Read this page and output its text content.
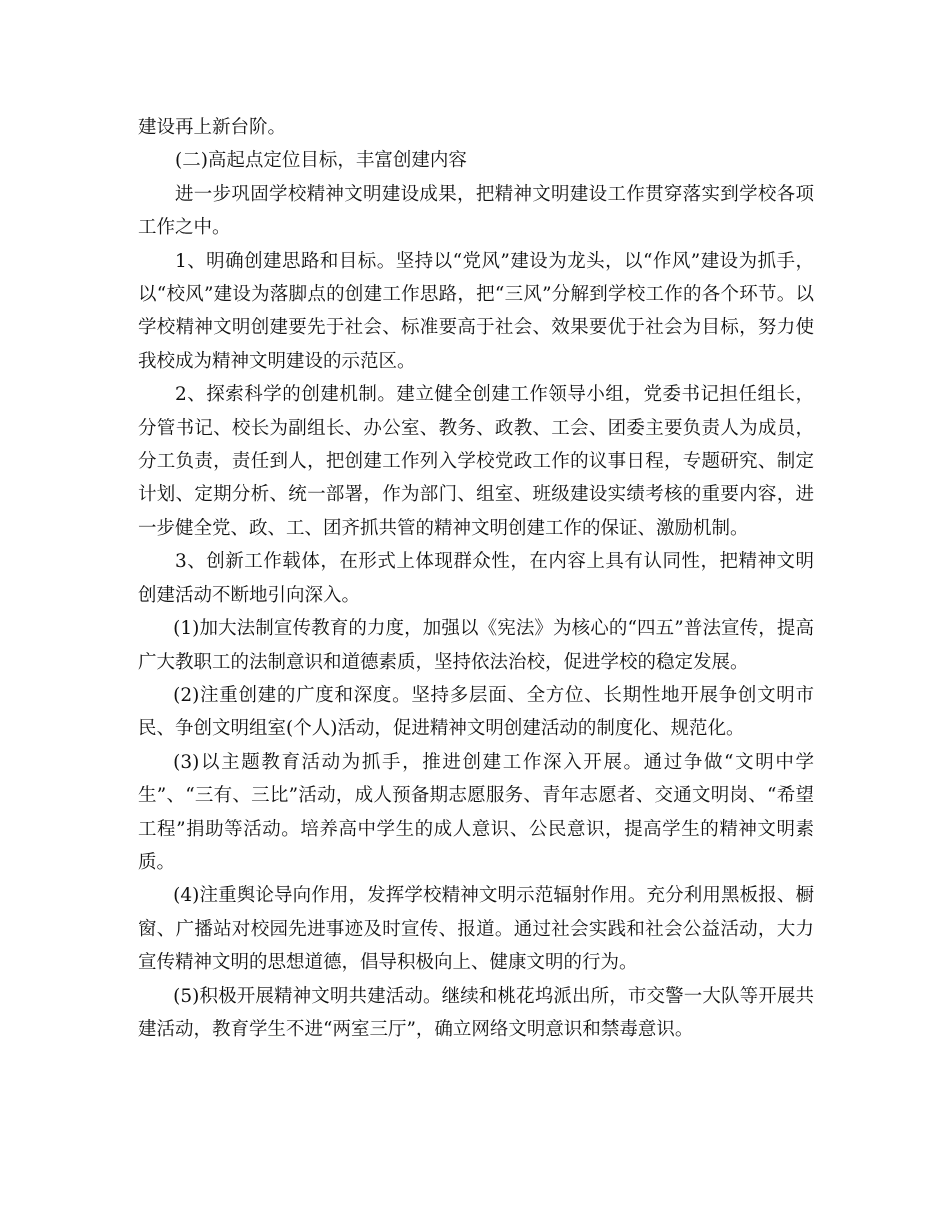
建设再上新台阶。

(二)高起点定位目标，丰富创建内容

进一步巩固学校精神文明建设成果，把精神文明建设工作贯穿落实到学校各项工作之中。

1、明确创建思路和目标。坚持以“党风”建设为龙头，以“作风”建设为抓手，以“校风”建设为落脚点的创建工作思路，把“三风”分解到学校工作的各个环节。以学校精神文明创建要先于社会、标准要高于社会、效果要优于社会为目标，努力使我校成为精神文明建设的示范区。

2、探索科学的创建机制。建立健全创建工作领导小组，党委书记担任组长，分管书记、校长为副组长、办公室、教务、政教、工会、团委主要负责人为成员，分工负责，责任到人，把创建工作列入学校党政工作的议事日程，专题研究、制定计划、定期分析、统一部署，作为部门、组室、班级建设实绩考核的重要内容，进一步健全党、政、工、团齐抓共管的精神文明创建工作的保证、激励机制。

3、创新工作载体，在形式上体现群众性，在内容上具有认同性，把精神文明创建活动不断地引向深入。

(1)加大法制宣传教育的力度，加强以《宪法》为核心的“四五”普法宣传，提高广大教职工的法制意识和道德素质，坚持依法治校，促进学校的稳定发展。

(2)注重创建的广度和深度。坚持多层面、全方位、长期性地开展争创文明市民、争创文明组室(个人)活动，促进精神文明创建活动的制度化、规范化。

(3)以主题教育活动为抓手，推进创建工作深入开展。通过争做“文明中学生”、“三有、三比”活动，成人预备期志愿服务、青年志愿者、交通文明岗、“希望工程”捐助等活动。培养高中学生的成人意识、公民意识，提高学生的精神文明素质。

(4)注重舆论导向作用，发挥学校精神文明示范辐射作用。充分利用黑板报、橱窗、广播站对校园先进事迹及时宣传、报道。通过社会实践和社会公益活动，大力宣传精神文明的思想道德，倡导积极向上、健康文明的行为。

(5)积极开展精神文明共建活动。继续和桃花坞派出所，市交警一大队等开展共建活动，教育学生不进“两室三厅”，确立网络文明意识和禁毒意识。
